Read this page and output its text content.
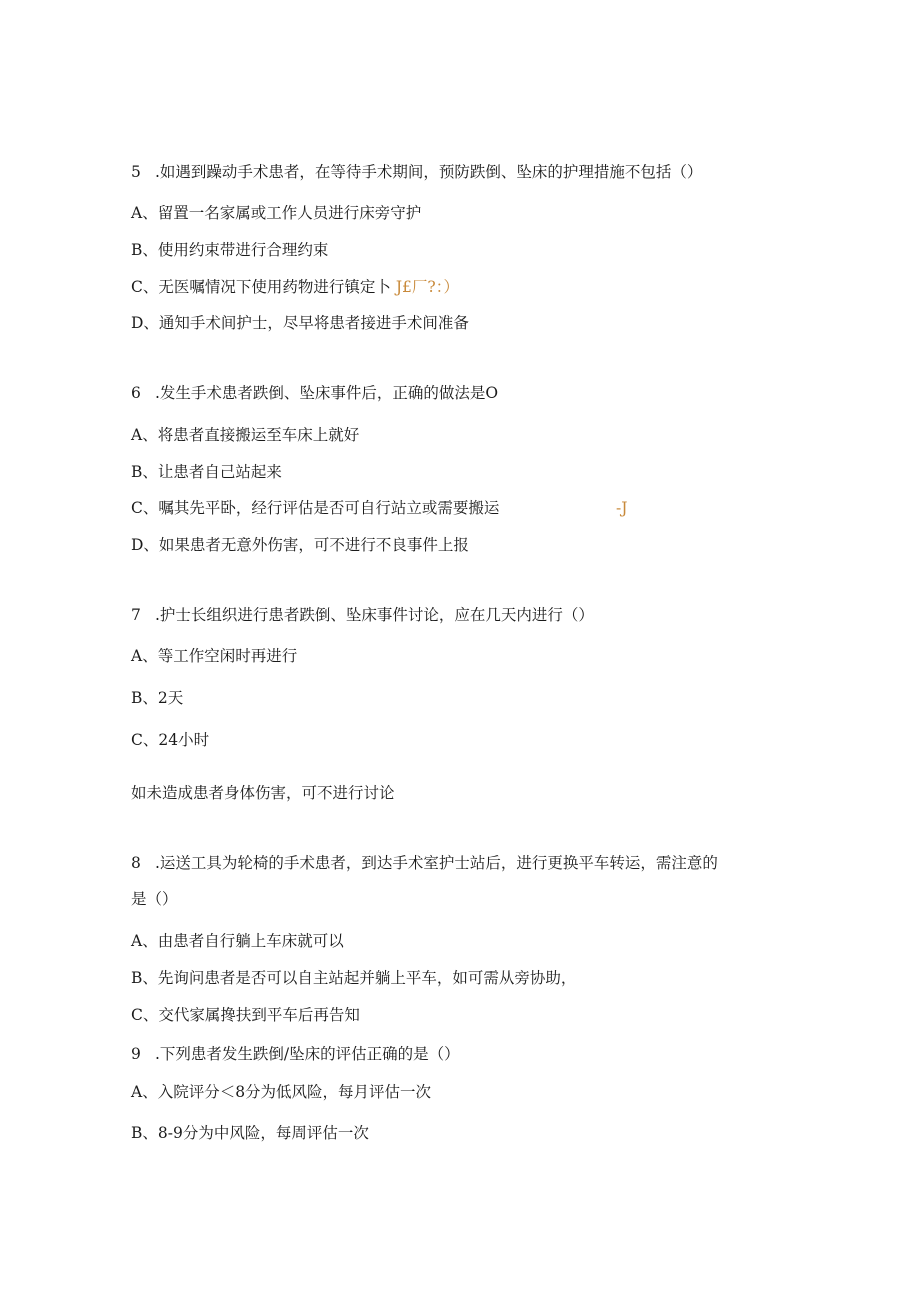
5 .如遇到躁动手术患者，在等待手术期间，预防跌倒、坠床的护理措施不包括（）
A、留置一名家属或工作人员进行床旁守护
B、使用约束带进行合理约束
C、无医嘱情况下使用药物进行镇定卜 J£厂?：）
D、通知手术间护士，尽早将患者接进手术间准备
6 .发生手术患者跌倒、坠床事件后，正确的做法是O
A、将患者直接搬运至车床上就好
B、让患者自己站起来
C、嘱其先平卧，经行评估是否可自行站立或需要搬运	-J
D、如果患者无意外伤害，可不进行不良事件上报
7 .护士长组织进行患者跌倒、坠床事件讨论，应在几天内进行（）
A、等工作空闲时再进行
B、2天
C、24小时
如未造成患者身体伤害，可不进行讨论
8 .运送工具为轮椅的手术患者，到达手术室护士站后，进行更换平车转运，需注意的
是（）
A、由患者自行躺上车床就可以
B、先询问患者是否可以自主站起并躺上平车，如可需从旁协助，
C、交代家属搀扶到平车后再告知
9 .下列患者发生跌倒/坠床的评估正确的是（）
A、入院评分＜8分为低风险，每月评估一次
B、8-9分为中风险，每周评估一次
